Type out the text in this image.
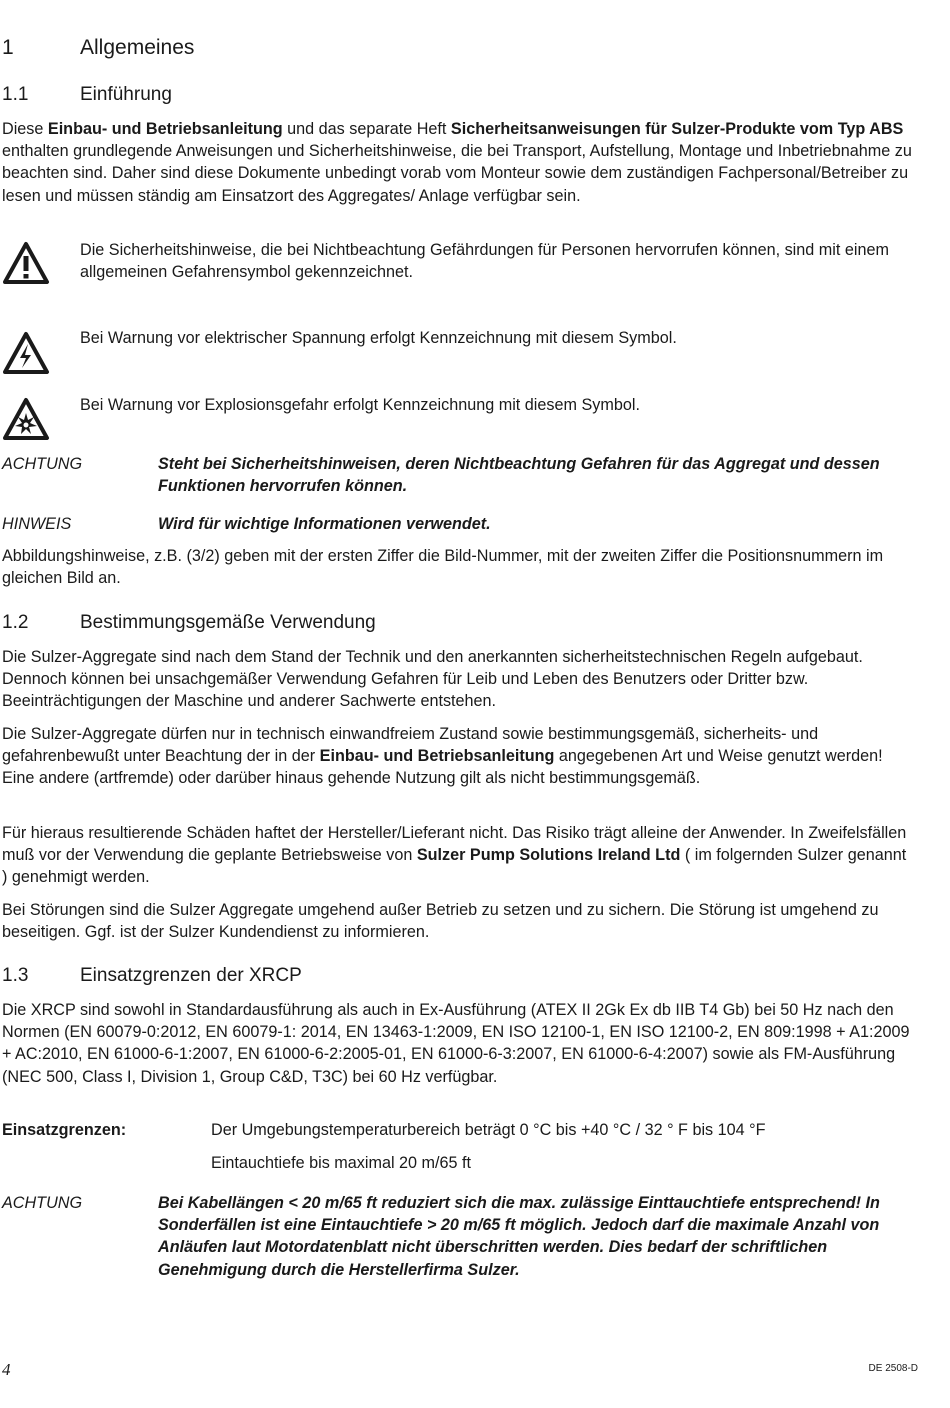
1	Allgemeines
1.1	Einführung

Diese Einbau- und Betriebsanleitung und das separate Heft Sicherheitsanweisungen für Sulzer-Produkte vom Typ ABS enthalten grundlegende Anweisungen und Sicherheitshinweise, die bei Transport, Aufstellung, Montage und Inbetriebnahme zu beachten sind. Daher sind diese Dokumente unbedingt vorab vom Monteur sowie dem zuständigen Fachpersonal/Betreiber zu lesen und müssen ständig am Einsatzort des Aggregates/ Anlage verfügbar sein.

Die Sicherheitshinweise, die bei Nichtbeachtung Gefährdungen für Personen hervorrufen können, sind mit einem allgemeinen Gefahrensymbol gekennzeichnet.

Bei Warnung vor elektrischer Spannung erfolgt Kennzeichnung mit diesem Symbol.

Bei Warnung vor Explosionsgefahr erfolgt Kennzeichnung mit diesem Symbol.

ACHTUNG	Steht bei Sicherheitshinweisen, deren Nichtbeachtung Gefahren für das Aggregat und dessen Funktionen hervorrufen können.

HINWEIS	Wird für wichtige Informationen verwendet.

Abbildungshinweise, z.B. (3/2) geben mit der ersten Ziffer die Bild-Nummer, mit der zweiten Ziffer die Positionsnummern im gleichen Bild an.

1.2	Bestimmungsgemäße Verwendung

Die Sulzer-Aggregate sind nach dem Stand der Technik und den anerkannten sicherheitstechnischen Regeln aufgebaut. Dennoch können bei unsachgemäßer Verwendung Gefahren für Leib und Leben des Benutzers oder Dritter bzw. Beeinträchtigungen der Maschine und anderer Sachwerte entstehen.

Die Sulzer-Aggregate dürfen nur in technisch einwandfreiem Zustand sowie bestimmungsgemäß, sicherheits- und gefahrenbewußt unter Beachtung der in der Einbau- und Betriebsanleitung angegebenen Art und Weise genutzt werden! Eine andere (artfremde) oder darüber hinaus gehende Nutzung gilt als nicht bestimmungsgemäß.

Für hieraus resultierende Schäden haftet der Hersteller/Lieferant nicht. Das Risiko trägt alleine der Anwender. In Zweifelsfällen muß vor der Verwendung die geplante Betriebsweise von Sulzer Pump Solutions Ireland Ltd ( im folgernden Sulzer genannt ) genehmigt werden.

Bei Störungen sind die Sulzer Aggregate umgehend außer Betrieb zu setzen und zu sichern. Die Störung ist umgehend zu beseitigen. Ggf. ist der Sulzer Kundendienst zu informieren.

1.3	Einsatzgrenzen der XRCP

Die XRCP sind sowohl in Standardausführung als auch in Ex-Ausführung (ATEX II 2Gk Ex db IIB T4 Gb) bei 50 Hz nach den Normen (EN 60079-0:2012, EN 60079-1: 2014, EN 13463-1:2009, EN ISO 12100-1, EN ISO 12100-2, EN 809:1998 + A1:2009 + AC:2010, EN 61000-6-1:2007, EN 61000-6-2:2005-01, EN 61000-6-3:2007, EN 61000-6-4:2007) sowie als FM-Ausführung (NEC 500, Class I, Division 1, Group C&D, T3C) bei 60 Hz verfügbar.

Einsatzgrenzen:	Der Umgebungstemperaturbereich beträgt 0 °C bis +40 °C / 32 ° F bis 104 °F
Eintauchtiefe bis maximal 20 m/65 ft
ACHTUNG	Bei Kabellängen < 20 m/65 ft reduziert sich die max. zulässige Einttauchtiefe entsprechend! In Sonderfällen ist eine Eintauchtiefe > 20 m/65 ft möglich. Jedoch darf die maximale Anzahl von Anläufen laut Motordatenblatt nicht überschritten werden. Dies bedarf der schriftlichen Genehmigung durch die Herstellerfirma Sulzer.

4	DE 2508-D
